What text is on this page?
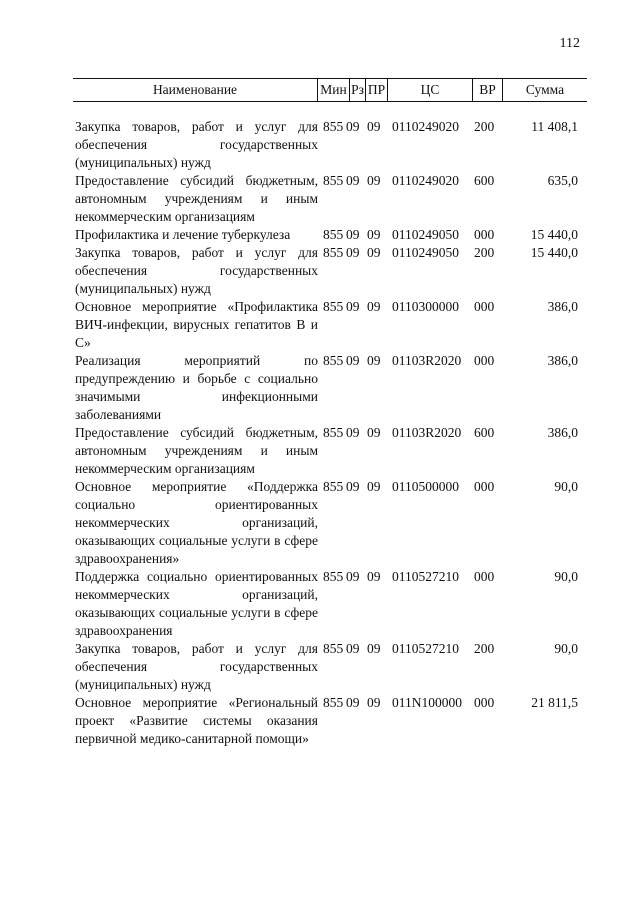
112
Наименование	Мин Рз ПР	ЦС	ВР	Сумма
Закупка товаров, работ и услуг для обеспечения государственных (муниципальных) нужд
855 09 09 0110249020 200	11 408,1
Предоставление субсидий бюджетным, автономным учреждениям и иным некоммерческим организациям
855 09 09 0110249020 600	635,0
Профилактика и лечение туберкулеза	855 09 09 0110249050 000	15 440,0
Закупка товаров, работ и услуг для обеспечения государственных (муниципальных) нужд
855 09 09 0110249050 200	15 440,0
Основное мероприятие «Профилактика ВИЧ-инфекции, вирусных гепатитов В и С»
855 09 09 0110300000 000	386,0
Реализация мероприятий по предупреждению и борьбе с социально значимыми инфекционными заболеваниями
855 09 09 01103R2020 000	386,0
Предоставление субсидий бюджетным, автономным учреждениям и иным некоммерческим организациям
855 09 09 01103R2020 600	386,0
Основное мероприятие «Поддержка социально ориентированных некоммерческих организаций, оказывающих социальные услуги в сфере здравоохранения»
855 09 09 0110500000 000	90,0
Поддержка социально ориентированных некоммерческих организаций, оказывающих социальные услуги в сфере здравоохранения
855 09 09 0110527210 000	90,0
Закупка товаров, работ и услуг для обеспечения государственных (муниципальных) нужд
855 09 09 0110527210 200	90,0
Основное мероприятие «Региональный проект «Развитие системы оказания первичной медико-санитарной помощи»
855 09 09 011N100000 000	21 811,5
